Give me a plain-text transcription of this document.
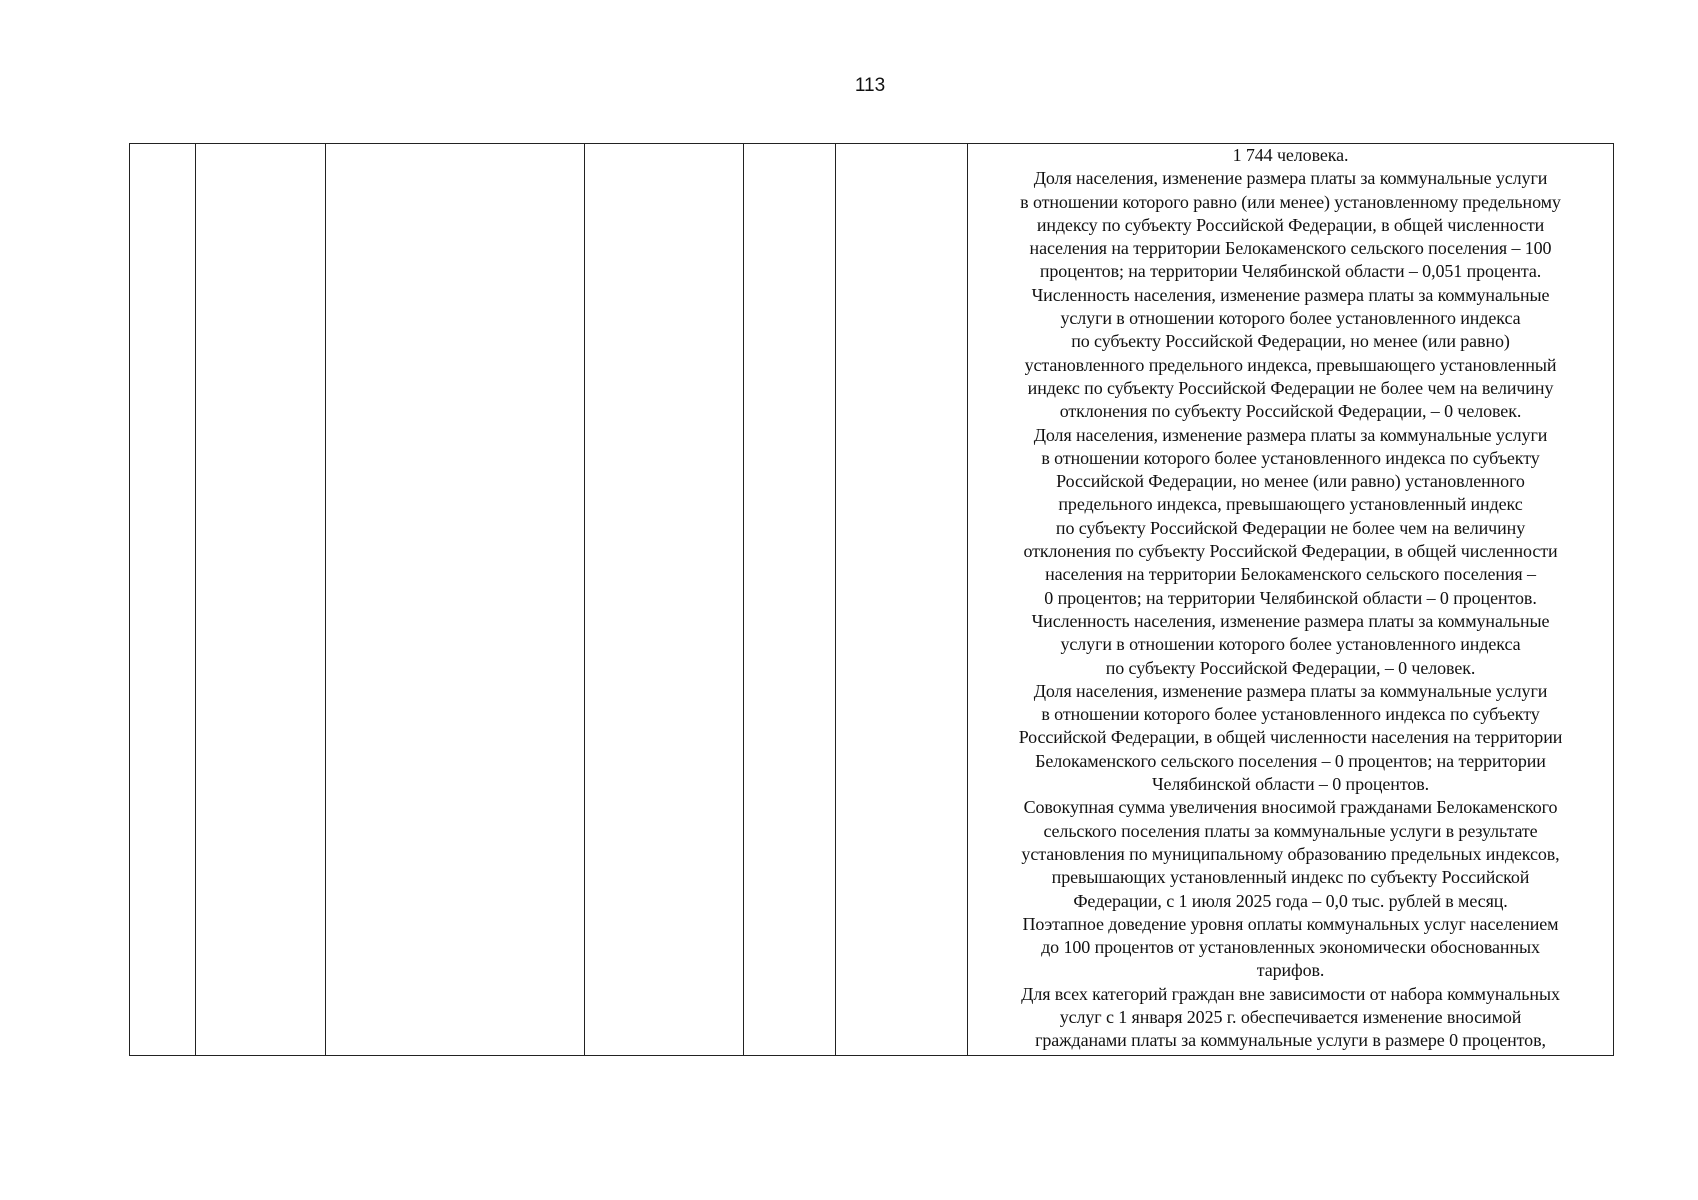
113

1 744 человека.
Доля населения, изменение размера платы за коммунальные услуги
в отношении которого равно (или менее) установленному предельному
индексу по субъекту Российской Федерации, в общей численности
населения на территории Белокаменского сельского поселения – 100
процентов; на территории Челябинской области – 0,051 процента.
Численность населения, изменение размера платы за коммунальные
услуги в отношении которого более установленного индекса
по субъекту Российской Федерации, но менее (или равно)
установленного предельного индекса, превышающего установленный
индекс по субъекту Российской Федерации не более чем на величину
отклонения по субъекту Российской Федерации, – 0 человек.
Доля населения, изменение размера платы за коммунальные услуги
в отношении которого более установленного индекса по субъекту
Российской Федерации, но менее (или равно) установленного
предельного индекса, превышающего установленный индекс
по субъекту Российской Федерации не более чем на величину
отклонения по субъекту Российской Федерации, в общей численности
населения на территории Белокаменского сельского поселения –
0 процентов; на территории Челябинской области – 0 процентов.
Численность населения, изменение размера платы за коммунальные
услуги в отношении которого более установленного индекса
по субъекту Российской Федерации, – 0 человек.
Доля населения, изменение размера платы за коммунальные услуги
в отношении которого более установленного индекса по субъекту
Российской Федерации, в общей численности населения на территории
Белокаменского сельского поселения – 0 процентов; на территории
Челябинской области – 0 процентов.
Совокупная сумма увеличения вносимой гражданами Белокаменского
сельского поселения платы за коммунальные услуги в результате
установления по муниципальному образованию предельных индексов,
превышающих установленный индекс по субъекту Российской
Федерации, с 1 июля 2025 года – 0,0 тыс. рублей в месяц.
Поэтапное доведение уровня оплаты коммунальных услуг населением
до 100 процентов от установленных экономически обоснованных
тарифов.
Для всех категорий граждан вне зависимости от набора коммунальных
услуг с 1 января 2025 г. обеспечивается изменение вносимой
гражданами платы за коммунальные услуги в размере 0 процентов,
